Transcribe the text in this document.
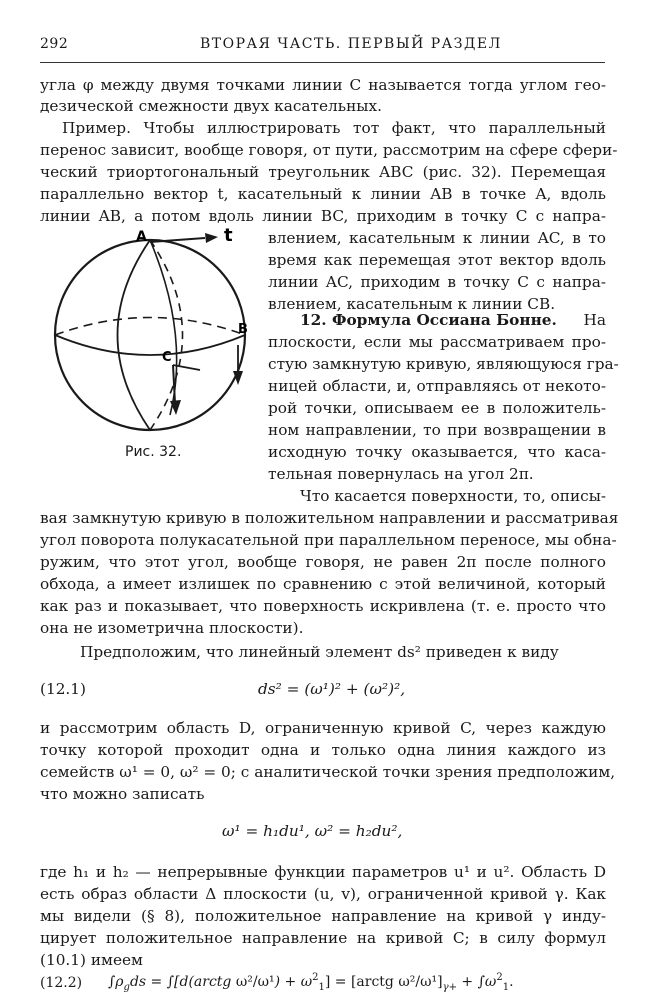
292	ВТОРАЯ ЧАСТЬ. ПЕРВЫЙ РАЗДЕЛ
угла φ между двумя точками линии C называется тогда углом гео-
дезической смежности двух касательных.
Пример. Чтобы иллюстрировать тот факт, что параллельный
перенос зависит, вообще говоря, от пути, рассмотрим на сфере сфери-
ческий триортогональный треугольник ABC (рис. 32). Перемещая
параллельно вектор t, касательный к линии AB в точке A, вдоль
линии AB, а потом вдоль линии BC, приходим в точку C с напра-
влением, касательным к линии AC, в то
время как перемещая этот вектор вдоль
линии AC, приходим в точку C с напра-
влением, касательным к линии CB.
A	t
B
C
Рис. 32.
12. Формула Оссиана Бонне. На
плоскости, если мы рассматриваем про-
стую замкнутую кривую, являющуюся гра-
ницей области, и, отправляясь от некото-
рой точки, описываем ее в положитель-
ном направлении, то при возвращении в
исходную точку оказывается, что каса-
тельная повернулась на угол 2π.
Что касается поверхности, то, описы-
вая замкнутую кривую в положительном направлении и рассматривая
угол поворота полукасательной при параллельном переносе, мы обна-
ружим, что этот угол, вообще говоря, не равен 2π после полного
обхода, а имеет излишек по сравнению с этой величиной, который
как раз и показывает, что поверхность искривлена (т. е. просто что
она не изометрична плоскости).
Предположим, что линейный элемент ds² приведен к виду
(12.1)	ds² = (ω¹)² + (ω²)²,
и рассмотрим область D, ограниченную кривой C, через каждую
точку которой проходит одна и только одна линия каждого из
семейств ω¹ = 0, ω² = 0; с аналитической точки зрения предположим,
что можно записать
ω¹ = h₁du¹, ω² = h₂du²,
где h₁ и h₂ — непрерывные функции параметров u¹ и u². Область D
есть образ области Δ плоскости (u, v), ограниченной кривой γ. Как
мы видели (§ 8), положительное направление на кривой γ инду-
цирует положительное направление на кривой C; в силу формул
(10.1) имеем
(12.2) $\int\rho_gds$ = ∫[d(arctg $\omega^2/\omega^1) + \omega^2_1$] = [arctg $\omega^2/\omega^1]_{\gamma+} + \int\omega^2_1$.
